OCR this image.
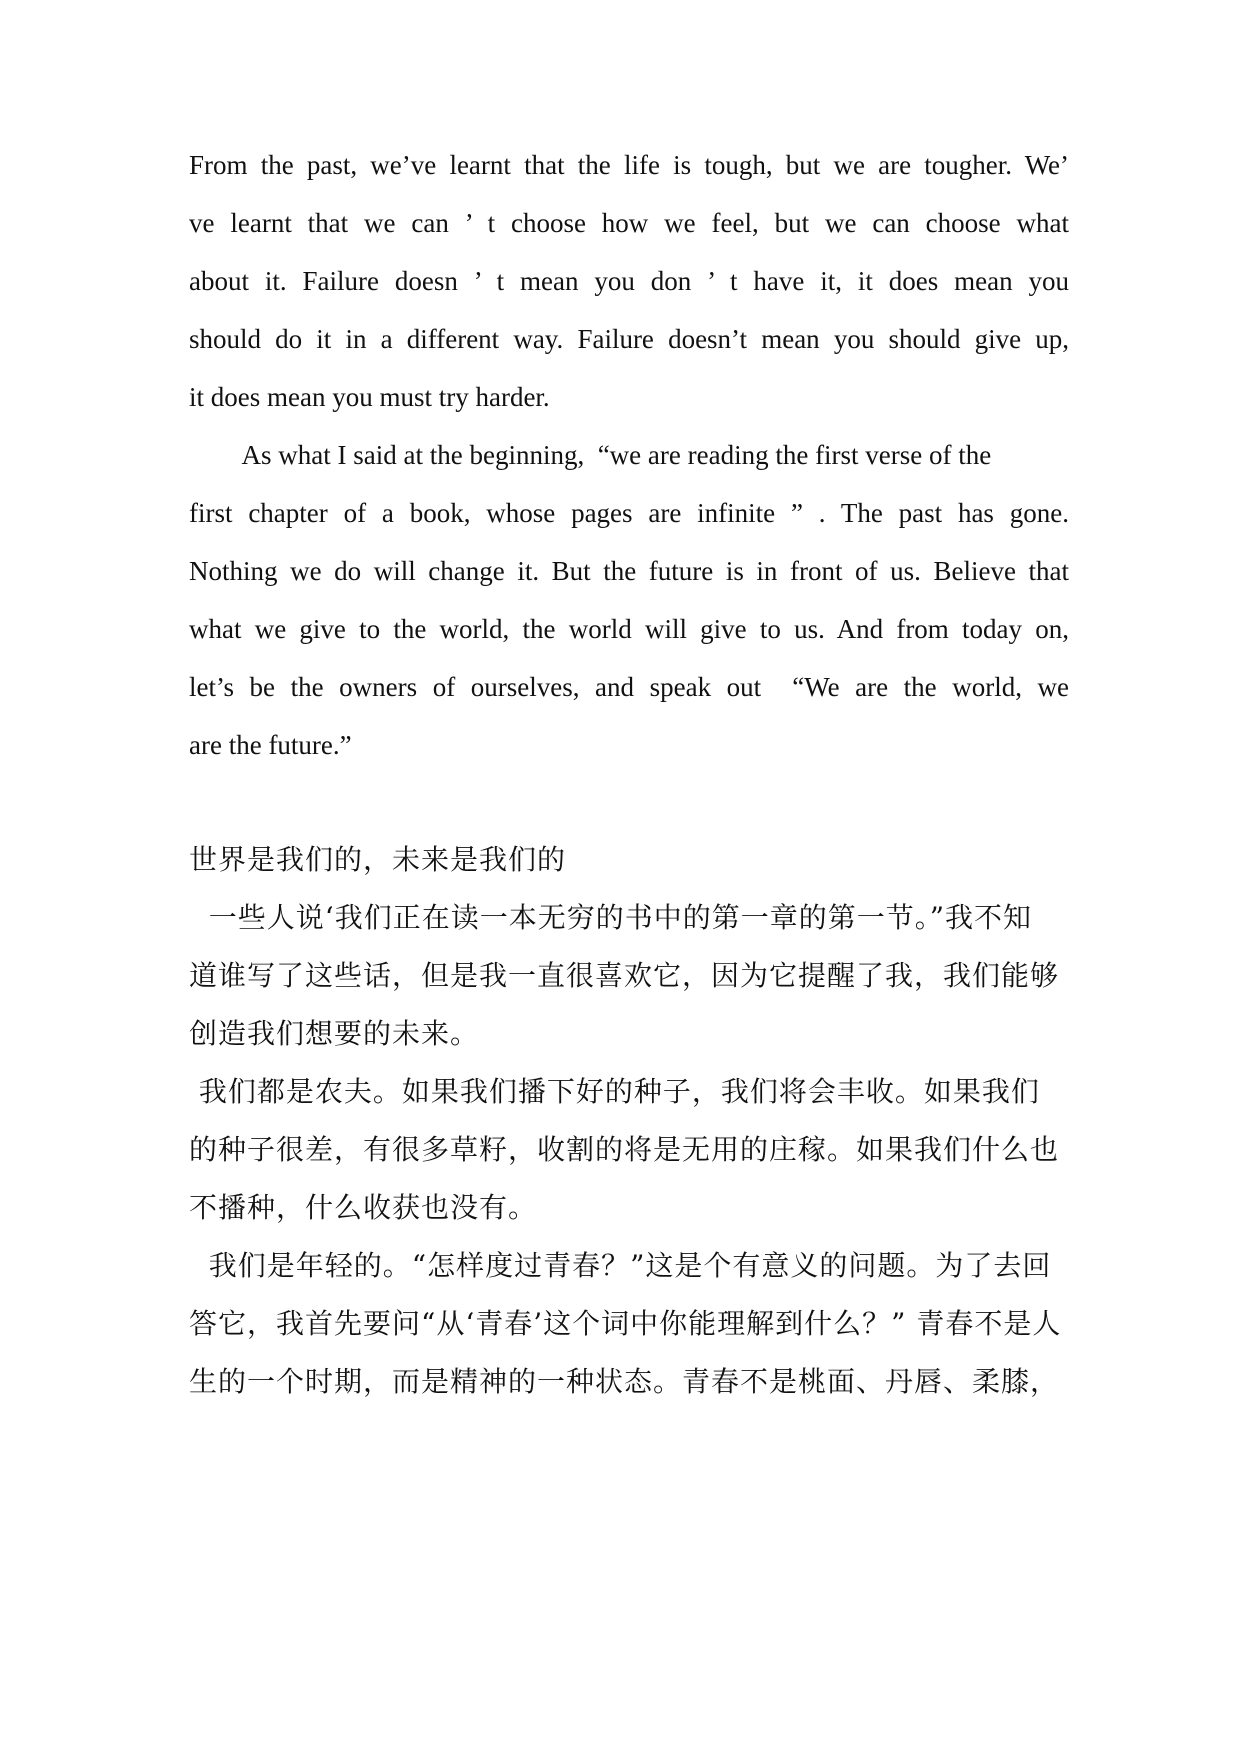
From the past, we’ve learnt that the life is tough, but we are tougher. We’
ve learnt that we can ’ t choose how we feel, but we can choose what
about it. Failure doesn ’ t mean you don ’ t have it, it does mean you
should do it in a different way. Failure doesn’t mean you should give up,
it does mean you must try harder.
As what I said at the beginning,  “we are reading the first verse of the
first chapter of a book, whose pages are infinite ” . The past has gone.
Nothing we do will change it. But the future is in front of us. Believe that
what we give to the world, the world will give to us. And from today on,
let’s be the owners of ourselves, and speak out  “We are the world, we
are the future.”
世界是我们的，未来是我们的
一些人说‘我们正在读一本无穷的书中的第一章的第一节。”我不知
道谁写了这些话，但是我一直很喜欢它，因为它提醒了我，我们能够
创造我们想要的未来。
我们都是农夫。如果我们播下好的种子，我们将会丰收。如果我们
的种子很差，有很多草籽，收割的将是无用的庄稼。如果我们什么也
不播种，什么收获也没有。
我们是年轻的。“怎样度过青春？”这是个有意义的问题。为了去回
答它，我首先要问“从‘青春’这个词中你能理解到什么？” 青春不是人
生的一个时期，而是精神的一种状态。青春不是桃面、丹唇、柔膝，
